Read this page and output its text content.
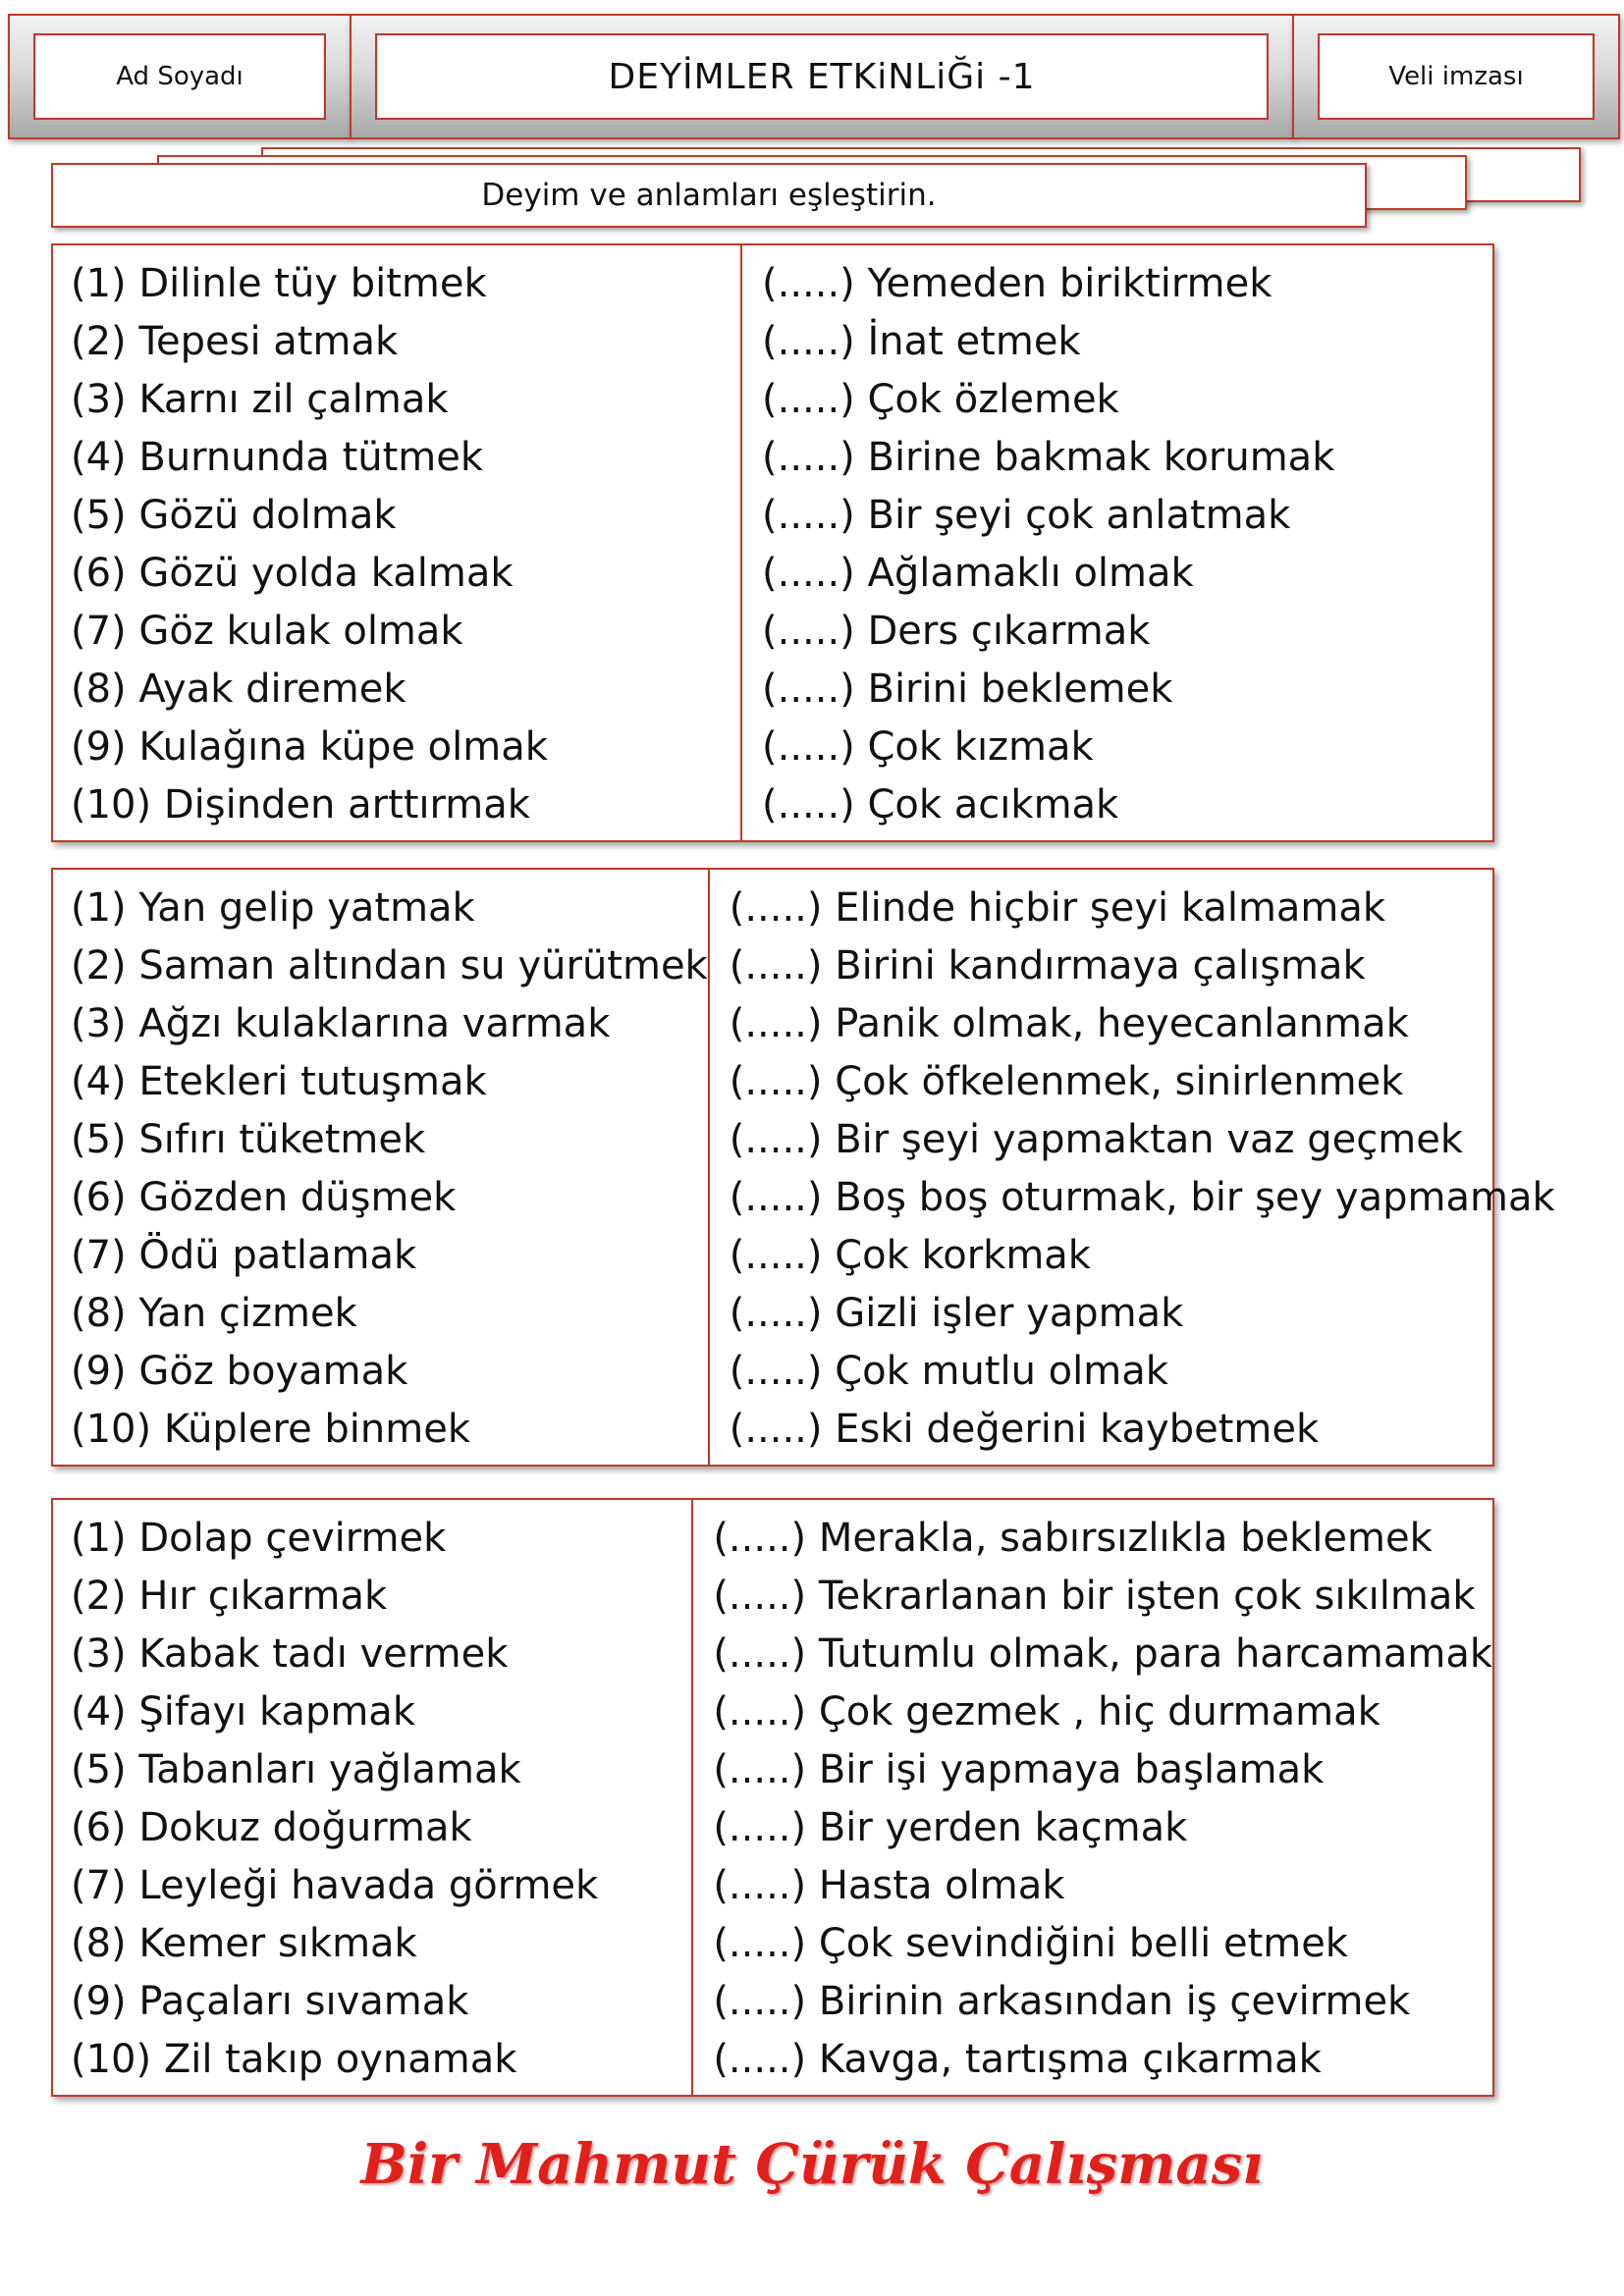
Ad Soyadı	DEYİMLER ETKiNLiĞi -1	Veli imzası
Deyim ve anlamları eşleştirin.
(1) Dilinle tüy bitmek
(2) Tepesi atmak
(3) Karnı zil çalmak
(4) Burnunda tütmek
(5) Gözü dolmak
(6) Gözü yolda kalmak
(7) Göz kulak olmak
(8) Ayak diremek
(9) Kulağına küpe olmak
(10) Dişinden arttırmak
(.....) Yemeden biriktirmek
(.....) İnat etmek
(.....) Çok özlemek
(.....) Birine bakmak korumak
(.....) Bir şeyi çok anlatmak
(.....) Ağlamaklı olmak
(.....) Ders çıkarmak
(.....) Birini beklemek
(.....) Çok kızmak
(.....) Çok acıkmak
(1) Yan gelip yatmak
(2) Saman altından su yürütmek
(3) Ağzı kulaklarına varmak
(4) Etekleri tutuşmak
(5) Sıfırı tüketmek
(6) Gözden düşmek
(7) Ödü patlamak
(8) Yan çizmek
(9) Göz boyamak
(10) Küplere binmek
(.....) Elinde hiçbir şeyi kalmamak
(.....) Birini kandırmaya çalışmak
(.....) Panik olmak, heyecanlanmak
(.....) Çok öfkelenmek, sinirlenmek
(.....) Bir şeyi yapmaktan vaz geçmek
(.....) Boş boş oturmak, bir şey yapmamak
(.....) Çok korkmak
(.....) Gizli işler yapmak
(.....) Çok mutlu olmak
(.....) Eski değerini kaybetmek
(1) Dolap çevirmek
(2) Hır çıkarmak
(3) Kabak tadı vermek
(4) Şifayı kapmak
(5) Tabanları yağlamak
(6) Dokuz doğurmak
(7) Leyleği havada görmek
(8) Kemer sıkmak
(9) Paçaları sıvamak
(10) Zil takıp oynamak
(.....) Merakla, sabırsızlıkla beklemek
(.....) Tekrarlanan bir işten çok sıkılmak
(.....) Tutumlu olmak, para harcamamak
(.....) Çok gezmek , hiç durmamak
(.....) Bir işi yapmaya başlamak
(.....) Bir yerden kaçmak
(.....) Hasta olmak
(.....) Çok sevindiğini belli etmek
(.....) Birinin arkasından iş çevirmek
(.....) Kavga, tartışma çıkarmak
Bir Mahmut Çürük Çalışması
